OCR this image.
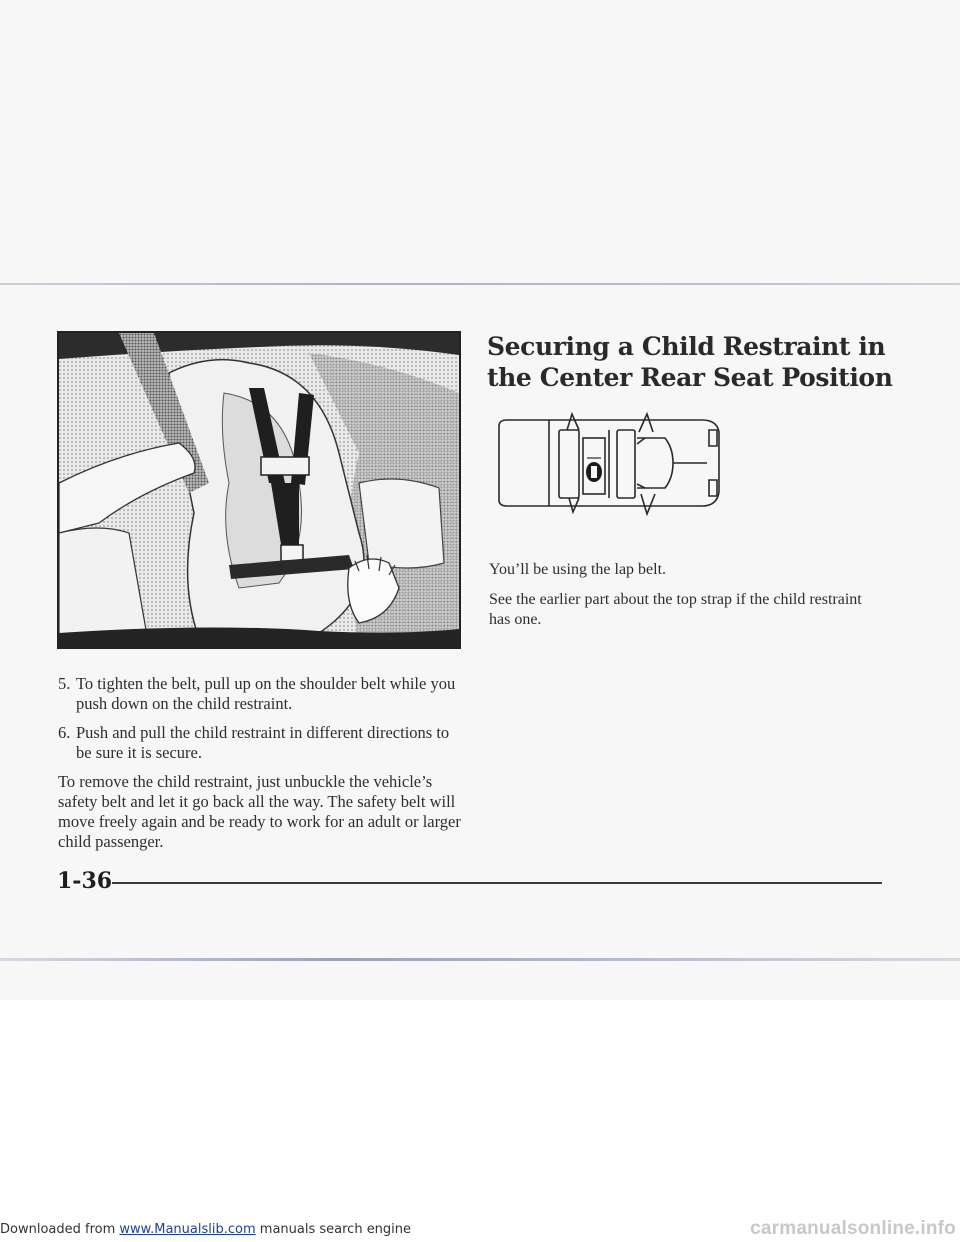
Securing a Child Restraint in the Center Rear Seat Position

You’ll be using the lap belt.

See the earlier part about the top strap if the child restraint has one.

5. To tighten the belt, pull up on the shoulder belt while you push down on the child restraint.
6. Push and pull the child restraint in different directions to be sure it is secure.

To remove the child restraint, just unbuckle the vehicle’s safety belt and let it go back all the way. The safety belt will move freely again and be ready to work for an adult or larger child passenger.

1-36
Downloaded from www.Manualslib.com manuals search engine	carmanualsonline.info
